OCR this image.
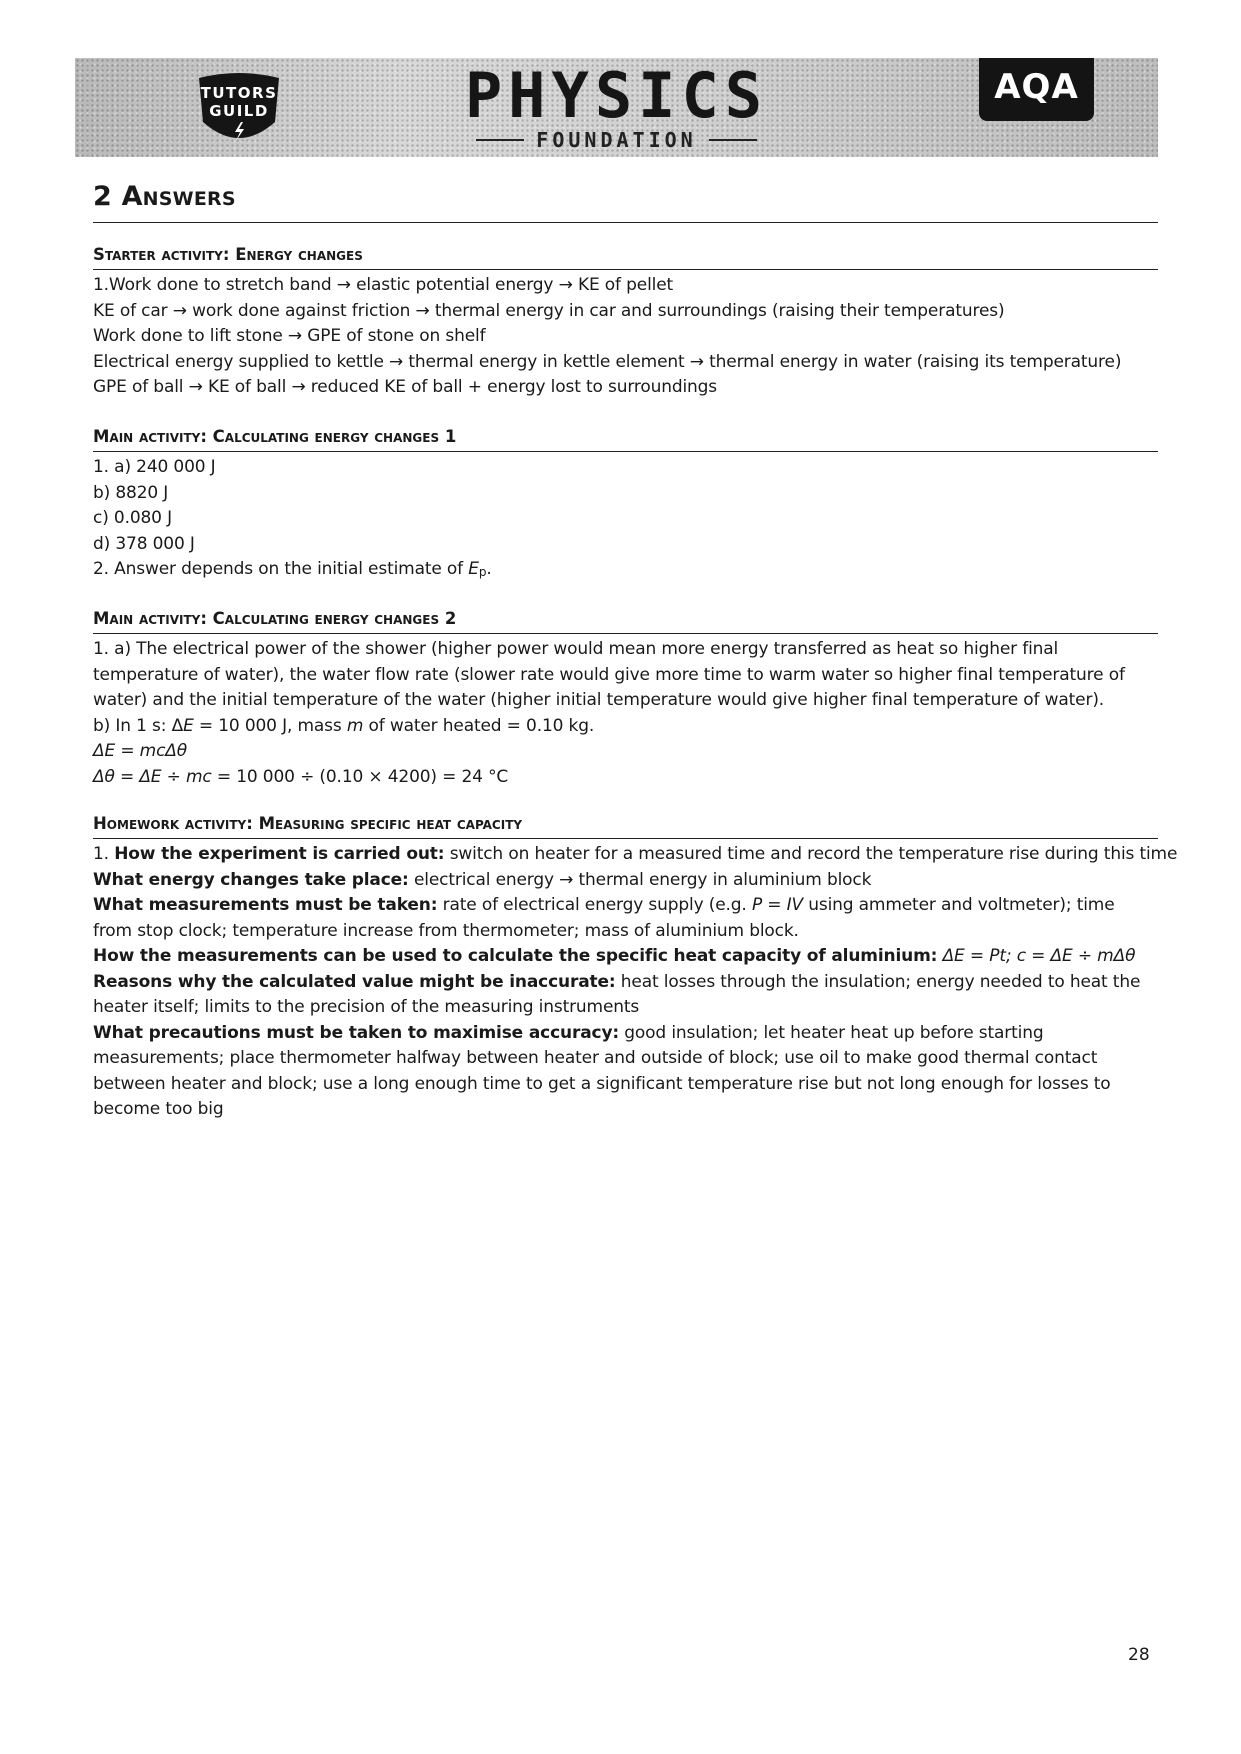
TUTORS
GUILD	PHYSICS
FOUNDATION
AQA
2 Answers
Starter activity: Energy changes
1.Work done to stretch band → elastic potential energy → KE of pellet
KE of car → work done against friction → thermal energy in car and surroundings (raising their temperatures)
Work done to lift stone → GPE of stone on shelf
Electrical energy supplied to kettle → thermal energy in kettle element → thermal energy in water (raising its temperature)
GPE of ball → KE of ball → reduced KE of ball + energy lost to surroundings
Main activity: Calculating energy changes 1
1. a) 240 000 J
b) 8820 J
c) 0.080 J
d) 378 000 J
2. Answer depends on the initial estimate of Ep.
Main activity: Calculating energy changes 2
1. a) The electrical power of the shower (higher power would mean more energy transferred as heat so higher final temperature of water), the water flow rate (slower rate would give more time to warm water so higher final temperature of water) and the initial temperature of the water (higher initial temperature would give higher final temperature of water).
b) In 1 s: ΔE = 10 000 J, mass m of water heated = 0.10 kg.
ΔE = mcΔθ
Δθ = ΔE ÷ mc = 10 000 ÷ (0.10 × 4200) = 24 °C
Homework activity: Measuring specific heat capacity
1. How the experiment is carried out: switch on heater for a measured time and record the temperature rise during this time
What energy changes take place: electrical energy → thermal energy in aluminium block
What measurements must be taken: rate of electrical energy supply (e.g. P = IV using ammeter and voltmeter); time from stop clock; temperature increase from thermometer; mass of aluminium block.
How the measurements can be used to calculate the specific heat capacity of aluminium: ΔE = Pt; c = ΔE ÷ mΔθ
Reasons why the calculated value might be inaccurate: heat losses through the insulation; energy needed to heat the heater itself; limits to the precision of the measuring instruments
What precautions must be taken to maximise accuracy: good insulation; let heater heat up before starting measurements; place thermometer halfway between heater and outside of block; use oil to make good thermal contact between heater and block; use a long enough time to get a significant temperature rise but not long enough for losses to become too big
28
